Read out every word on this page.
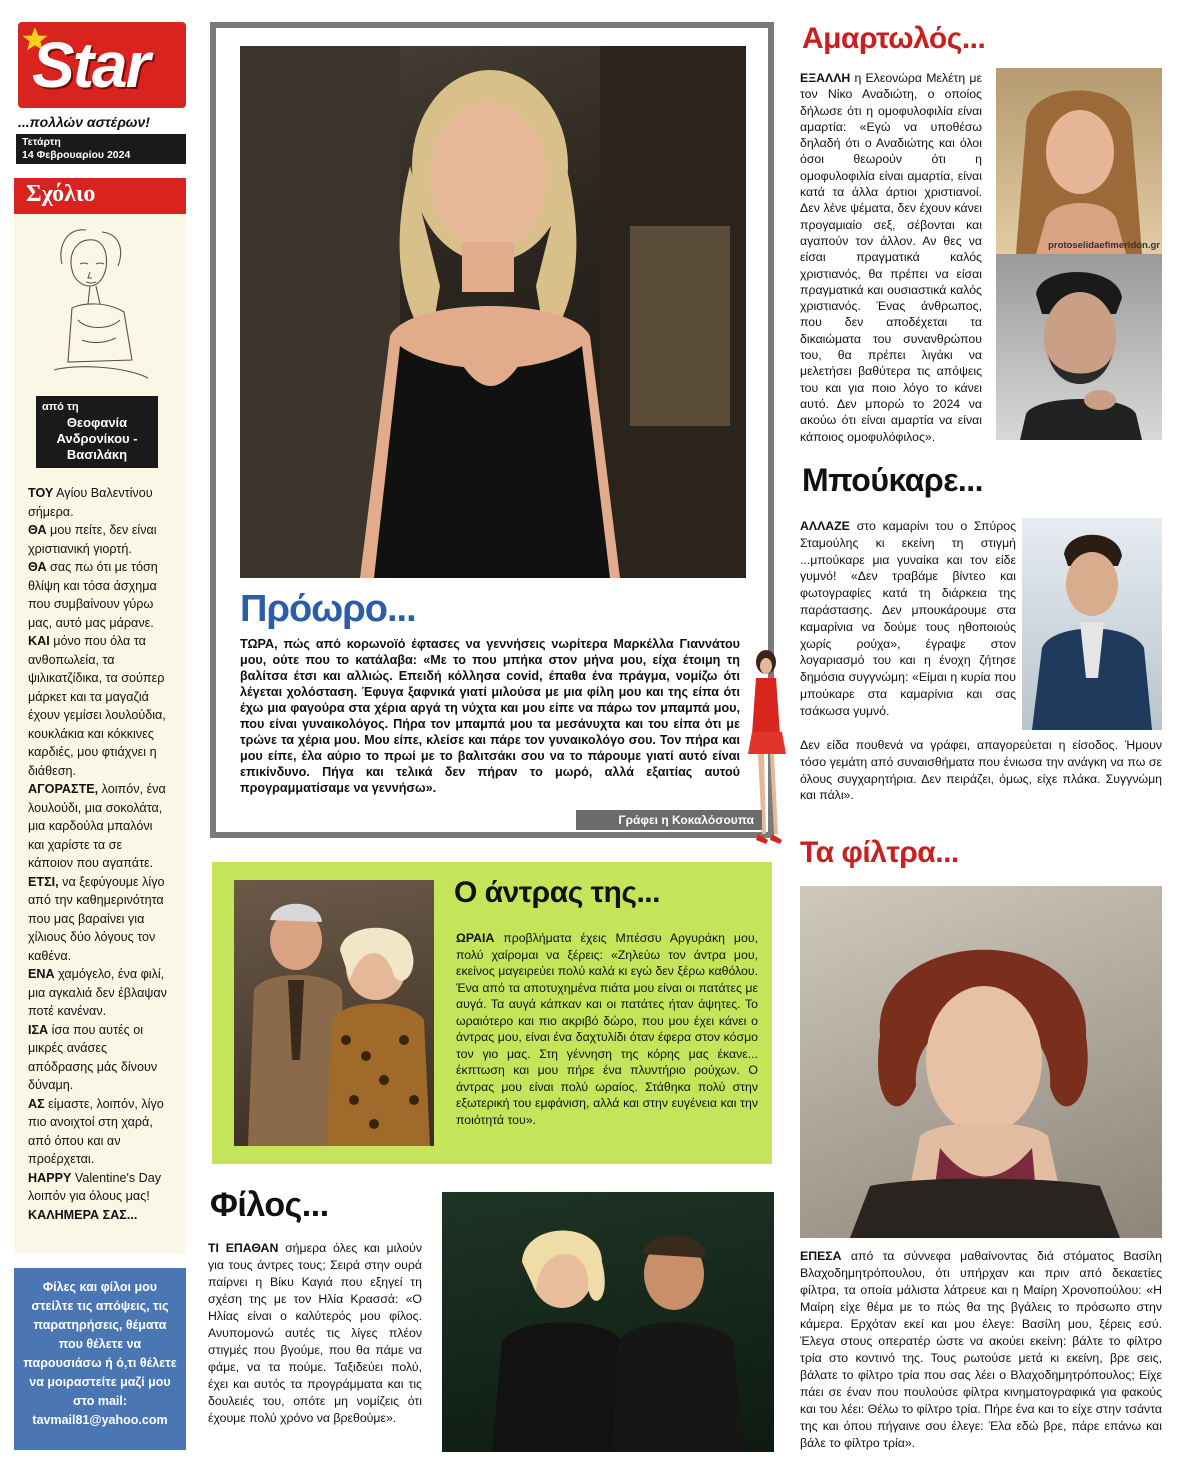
Star
...πολλών αστέρων!
Τετάρτη
14 Φεβρουαρίου 2024
Σχόλιο
από τη
Θεοφανία Ανδρονίκου - Βασιλάκη

ΤΟΥ Αγίου Βαλεντίνου σήμερα.

ΘΑ μου πείτε, δεν είναι χριστιανική γιορτή.

ΘΑ σας πω ότι με τόση θλίψη και τόσα άσχημα που συμβαίνουν γύρω μας, αυτό μας μάρανε.

ΚΑΙ μόνο που όλα τα ανθοπωλεία, τα ψιλικατζίδικα, τα σούπερ μάρκετ και τα μαγαζιά έχουν γεμίσει λουλούδια, κουκλάκια και κόκκινες καρδιές, μου φτιάχνει η διάθεση.

ΑΓΟΡΑΣΤΕ, λοιπόν, ένα λουλούδι, μια σοκολάτα, μια καρδούλα μπαλόνι και χαρίστε τα σε κάποιον που αγαπάτε.

ΕΤΣΙ, να ξεφύγουμε λίγο από την καθημερινότητα που μας βαραίνει για χίλιους δύο λόγους τον καθένα.

ΕΝΑ χαμόγελο, ένα φιλί, μια αγκαλιά δεν έβλαψαν ποτέ κανέναν.

ΙΣΑ ίσα που αυτές οι μικρές ανάσες απόδρασης μάς δίνουν δύναμη.

ΑΣ είμαστε, λοιπόν, λίγο πιο ανοιχτοί στη χαρά, από όπου και αν προέρχεται.

HAPPY Valentine's Day λοιπόν για όλους μας!

ΚΑΛΗΜΕΡΑ ΣΑΣ...

Φίλες και φίλοι μου στείλτε τις απόψεις, τις παρατηρήσεις, θέματα που θέλετε να παρουσιάσω ή ό,τι θέλετε να μοιραστείτε μαζί μου στο mail:
tavmail81@yahoo.com
Πρόωρο...
ΤΩΡΑ, πώς από κορωνοϊό έφτασες να γεννήσεις νωρίτερα Μαρκέλλα Γιαννάτου μου, ούτε που το κατάλαβα: «Με το που μπήκα στον μήνα μου, είχα έτοιμη τη βαλίτσα έτσι και αλλιώς. Επειδή κόλλησα covid, έπαθα ένα πράγμα, νομίζω ότι λέγεται χολόσταση. Έφυγα ξαφνικά γιατί μιλούσα με μια φίλη μου και της είπα ότι έχω μια φαγούρα στα χέρια αργά τη νύχτα και μου είπε να πάρω τον μπαμπά μου, που είναι γυναικολόγος. Πήρα τον μπαμπά μου τα μεσάνυχτα και του είπα ότι με τρώνε τα χέρια μου. Μου είπε, κλείσε και πάρε τον γυναικολόγο σου. Τον πήρα και μου είπε, έλα αύριο το πρωί με το βαλιτσάκι σου να το πάρουμε γιατί αυτό είναι επικίνδυνο. Πήγα και τελικά δεν πήραν το μωρό, αλλά εξαιτίας αυτού προγραμματίσαμε να γεννήσω».
Γράφει η Κοκαλόσουπα
Ο άντρας της...
ΩΡΑΙΑ προβλήματα έχεις Μπέσσυ Αργυράκη μου, πολύ χαίρομαι να ξέρεις: «Ζηλεύω τον άντρα μου, εκείνος μαγειρεύει πολύ καλά κι εγώ δεν ξέρω καθόλου. Ένα από τα αποτυχημένα πιάτα μου είναι οι πατάτες με αυγά. Τα αυγά κάπκαν και οι πατάτες ήταν άψητες. Το ωραιότερο και πιο ακριβό δώρο, που μου έχει κάνει ο άντρας μου, είναι ένα δαχτυλίδι όταν έφερα στον κόσμο τον γιο μας. Στη γέννηση της κόρης μας έκανε... έκπτωση και μου πήρε ένα πλυντήριο ρούχων. Ο άντρας μου είναι πολύ ωραίος. Στάθηκα πολύ στην εξωτερική του εμφάνιση, αλλά και στην ευγένεια και την ποιότητά του».
Φίλος...
ΤΙ ΕΠΑΘΑΝ σήμερα όλες και μιλούν για τους άντρες τους; Σειρά στην ουρά παίρνει η Βίκυ Καγιά που εξηγεί τη σχέση της με τον Ηλία Κρασσά: «Ο Ηλίας είναι ο καλύτερός μου φίλος. Ανυπομονώ αυτές τις λίγες πλέον στιγμές που βγούμε, που θα πάμε να φάμε, να τα πούμε. Ταξιδεύει πολύ, έχει και αυτός τα προγράμματα και τις δουλειές του, οπότε μη νομίζεις ότι έχουμε πολύ χρόνο να βρεθούμε».
Αμαρτωλός...
ΕΞΑΛΛΗ η Ελεονώρα Μελέτη με τον Νίκο Αναδιώτη, ο οποίος δήλωσε ότι η ομοφυλοφιλία είναι αμαρτία: «Εγώ να υποθέσω δηλαδή ότι ο Αναδιώτης και όλοι όσοι θεωρούν ότι η ομοφυλοφιλία είναι αμαρτία, είναι κατά τα άλλα άρτιοι χριστιανοί. Δεν λένε ψέματα, δεν έχουν κάνει προγαμιαίο σεξ, σέβονται και αγαπούν τον άλλον. Αν θες να είσαι πραγματικά καλός χριστιανός, θα πρέπει να είσαι πραγματικά και ουσιαστικά καλός χριστιανός. Ένας άνθρωπος, που δεν αποδέχεται τα δικαιώματα του συνανθρώπου του, θα πρέπει λιγάκι να μελετήσει βαθύτερα τις απόψεις του και για ποιο λόγο το κάνει αυτό. Δεν μπορώ το 2024 να ακούω ότι είναι αμαρτία να είναι κάποιος ομοφυλόφιλος».
protoselidaefimeridon.gr
Μπούκαρε...
ΑΛΛΑΖΕ στο καμαρίνι του ο Σπύρος Σταμούλης κι εκείνη τη στιγμή ...μπούκαρε μια γυναίκα και τον είδε γυμνό! «Δεν τραβάμε βίντεο και φωτογραφίες κατά τη διάρκεια της παράστασης. Δεν μπουκάρουμε στα καμαρίνια να δούμε τους ηθοποιούς χωρίς ρούχα», έγραψε στον λογαριασμό του και η ένοχη ζήτησε δημόσια συγγνώμη: «Είμαι η κυρία που μπούκαρε στα καμαρίνια και σας τσάκωσα γυμνό.
Δεν είδα πουθενά να γράφει, απαγορεύεται η είσοδος. Ήμουν τόσο γεμάτη από συναισθήματα που ένιωσα την ανάγκη να πω σε όλους συγχαρητήρια. Δεν πειράζει, όμως, είχε πλάκα. Συγγνώμη και πάλι».
Τα φίλτρα...
ΕΠΕΣΑ από τα σύννεφα μαθαίνοντας διά στόματος Βασίλη Βλαχοδημητρόπουλου, ότι υπήρχαν και πριν από δεκαετίες φίλτρα, τα οποία μάλιστα λάτρευε και η Μαίρη Χρονοπούλου: «Η Μαίρη είχε θέμα με το πώς θα της βγάλεις το πρόσωπο στην κάμερα. Ερχόταν εκεί και μου έλεγε: Βασίλη μου, ξέρεις εσύ. Έλεγα στους οπερατέρ ώστε να ακούει εκείνη: βάλτε το φίλτρο τρία στο κοντινό της. Τους ρωτούσε μετά κι εκείνη, βρε σεις, βάλατε το φίλτρο τρία που σας λέει ο Βλαχοδημητρόπουλος; Είχε πάει σε έναν που πουλούσε φίλτρα κινηματογραφικά για φακούς και του λέει: Θέλω το φίλτρο τρία. Πήρε ένα και το είχε στην τσάντα της και όπου πήγαινε σου έλεγε: Έλα εδώ βρε, πάρε επάνω και βάλε το φίλτρο τρία».
